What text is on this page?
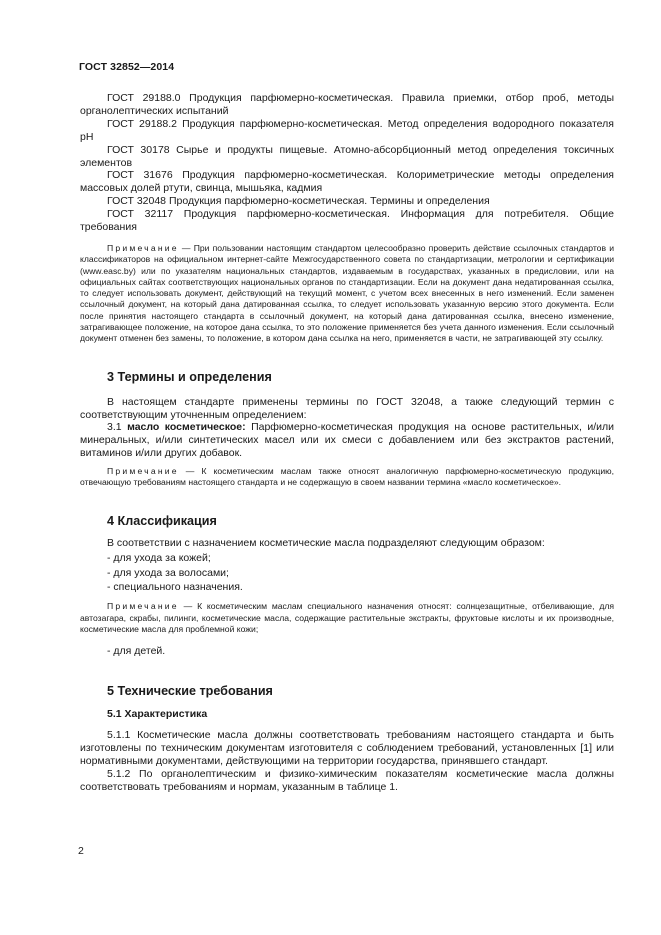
ГОСТ 32852—2014

ГОСТ 29188.0 Продукция парфюмерно-косметическая. Правила приемки, отбор проб, методы органолептических испытаний

ГОСТ 29188.2 Продукция парфюмерно-косметическая. Метод определения водородного показателя рН

ГОСТ 30178 Сырье и продукты пищевые. Атомно-абсорбционный метод определения токсичных элементов

ГОСТ 31676 Продукция парфюмерно-косметическая. Колориметрические методы определения массовых долей ртути, свинца, мышьяка, кадмия

ГОСТ 32048 Продукция парфюмерно-косметическая. Термины и определения

ГОСТ 32117 Продукция парфюмерно-косметическая. Информация для потребителя. Общие требования

Примечание — При пользовании настоящим стандартом целесообразно проверить действие ссылочных стандартов и классификаторов на официальном интернет-сайте Межгосударственного совета по стандартизации, метрологии и сертификации (www.easc.by) или по указателям национальных стандартов, издаваемым в государствах, указанных в предисловии, или на официальных сайтах соответствующих национальных органов по стандартизации. Если на документ дана недатированная ссылка, то следует использовать документ, действующий на текущий момент, с учетом всех внесенных в него изменений. Если заменен ссылочный документ, на который дана датированная ссылка, то следует использовать указанную версию этого документа. Если после принятия настоящего стандарта в ссылочный документ, на который дана датированная ссылка, внесено изменение, затрагивающее положение, на которое дана ссылка, то это положение применяется без учета данного изменения. Если ссылочный документ отменен без замены, то положение, в котором дана ссылка на него, применяется в части, не затрагивающей эту ссылку.

3 Термины и определения

В настоящем стандарте применены термины по ГОСТ 32048, а также следующий термин с соответствующим уточненным определением:

3.1 масло косметическое: Парфюмерно-косметическая продукция на основе растительных, и/или минеральных, и/или синтетических масел или их смеси с добавлением или без экстрактов растений, витаминов и/или других добавок.

Примечание — К косметическим маслам также относят аналогичную парфюмерно-косметическую продукцию, отвечающую требованиям настоящего стандарта и не содержащую в своем названии термина «масло косметическое».

4 Классификация

В соответствии с назначением косметические масла подразделяют следующим образом:

- для ухода за кожей;

- для ухода за волосами;

- специального назначения.

Примечание — К косметическим маслам специального назначения относят: солнцезащитные, отбеливающие, для автозагара, скрабы, пилинги, косметические масла, содержащие растительные экстракты, фруктовые кислоты и их производные, косметические масла для проблемной кожи;

- для детей.

5 Технические требования
5.1 Характеристика

5.1.1 Косметические масла должны соответствовать требованиям настоящего стандарта и быть изготовлены по техническим документам изготовителя с соблюдением требований, установленных [1] или нормативными документами, действующими на территории государства, принявшего стандарт.

5.1.2 По органолептическим и физико-химическим показателям косметические масла должны соответствовать требованиям и нормам, указанным в таблице 1.

2
